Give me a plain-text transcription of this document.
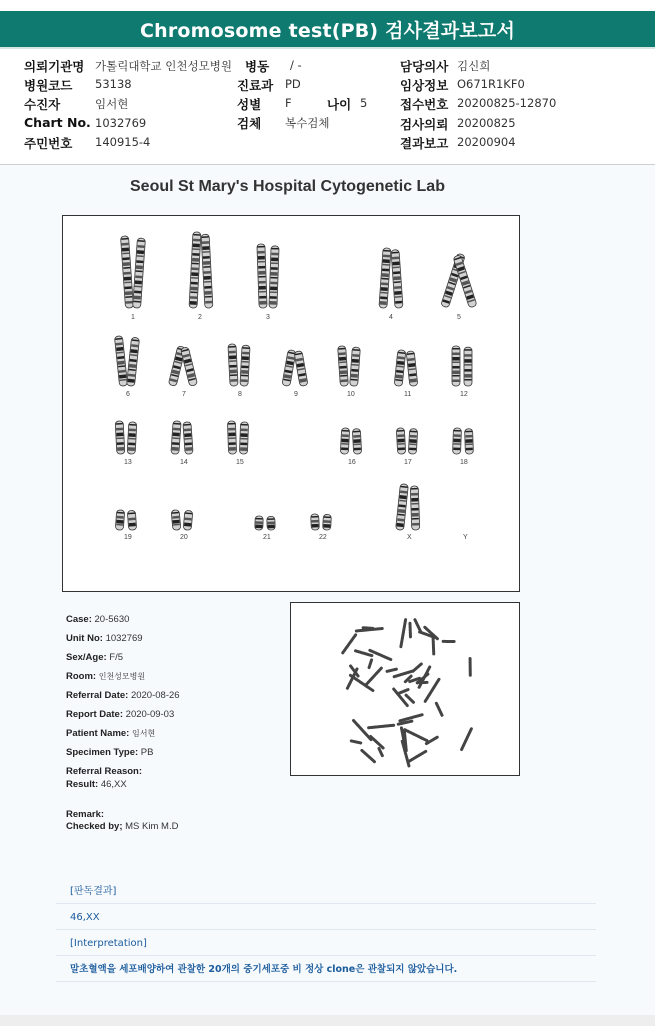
Chromosome test(PB) 검사결과보고서
의뢰기관명 가톨릭대학교 인천성모병원 병동 / -	담당의사 김신희
병원코드 53138	진료과 PD	임상정보 O671R1KF0
수진자	임서현	성별 F	나이 5	접수번호 20200825-12870
Chart No. 1032769	검체 복수검체	검사의뢰 20200825
주민번호 140915-4	결과보고 20200904
Seoul St Mary's Hospital Cytogenetic Lab
1	2	3	4	5
6	7	8	9	10	11	12
13	14	15	16	17	18
19	20	21	22	X	Y
Case: 20-5630
Unit No: 1032769
Sex/Age: F/5
Room: 인천성모병원
Referral Date: 2020-08-26
Report Date: 2020-09-03
Patient Name: 임서현
Specimen Type: PB
Referral Reason:
Result: 46,XX
Remark:
Checked by; MS Kim M.D
[판독결과]
46,XX
[Interpretation]
말초혈액을 세포배양하여 관찰한 20개의 중기세포중 비 정상 clone은 관찰되지 않았습니다.
